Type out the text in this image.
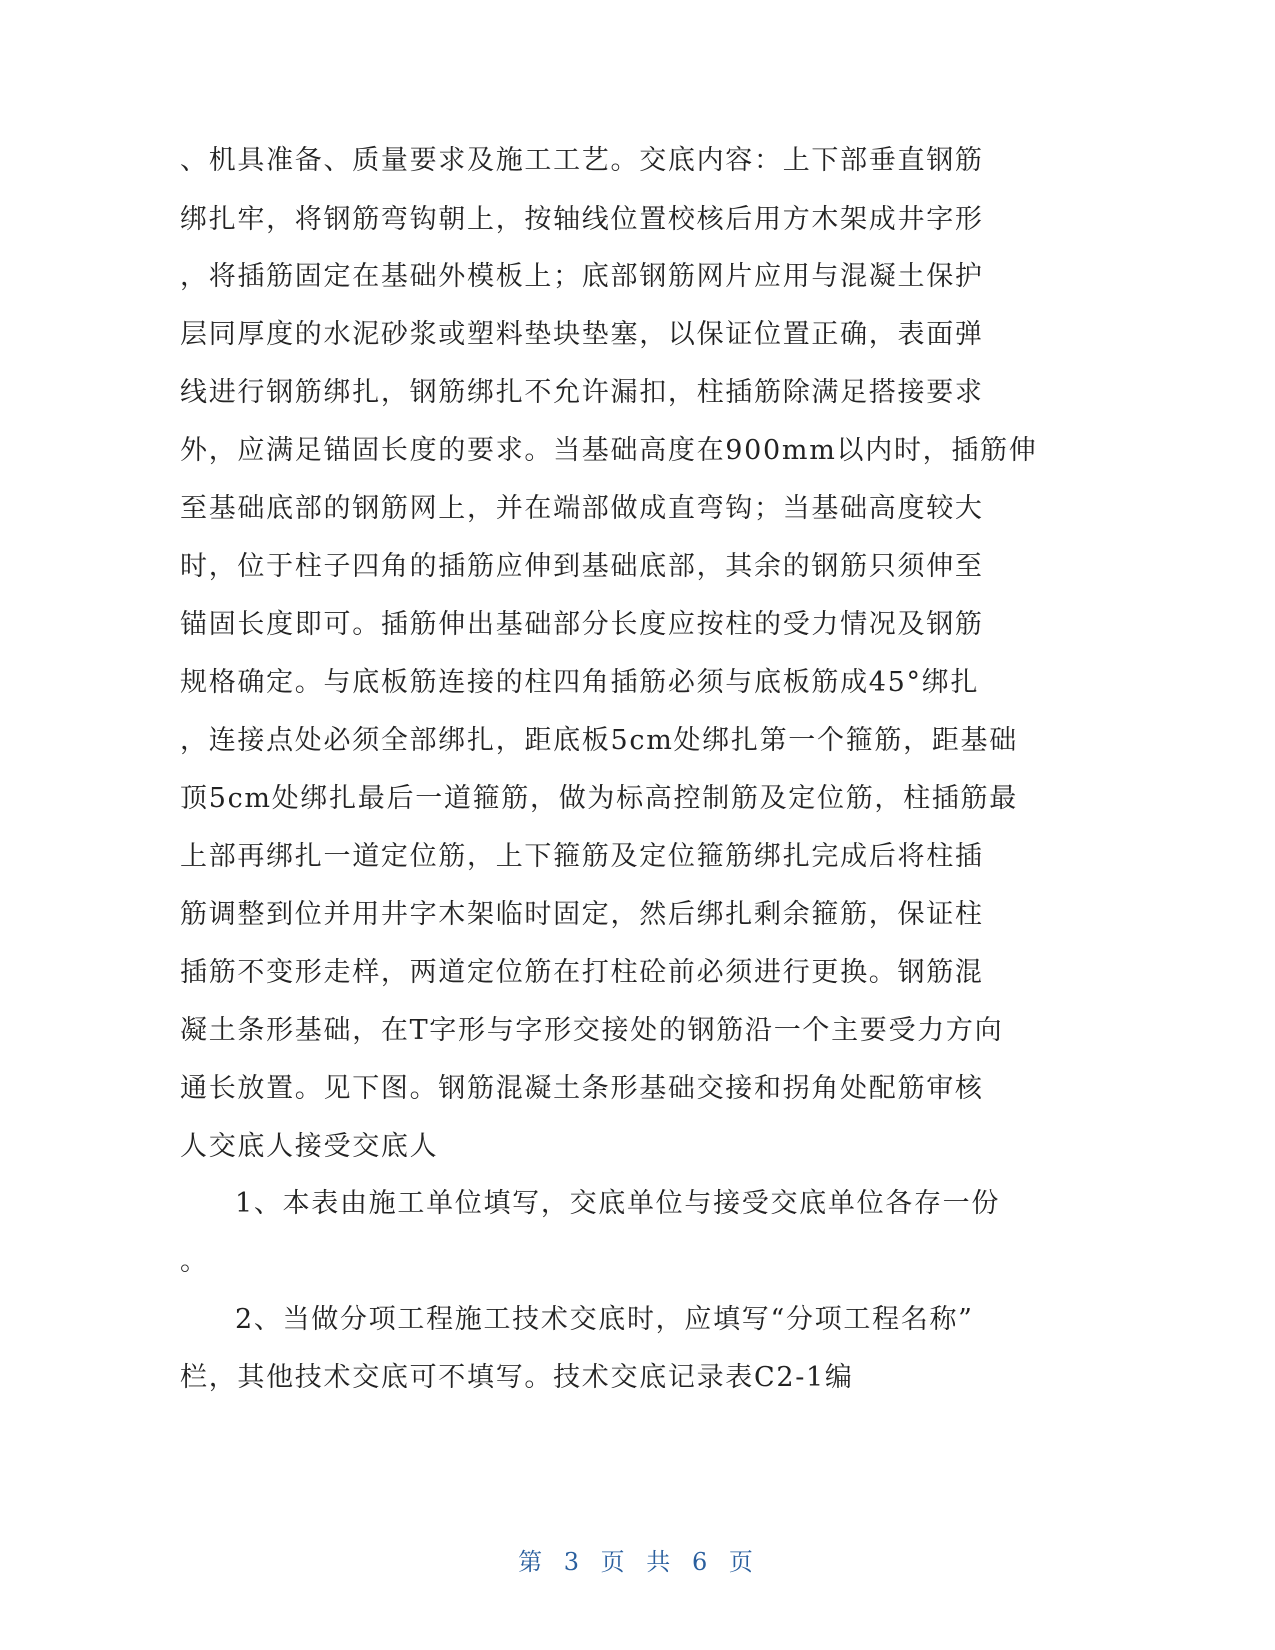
、机具准备、质量要求及施工工艺。交底内容：上下部垂直钢筋
绑扎牢，将钢筋弯钩朝上，按轴线位置校核后用方木架成井字形
，将插筋固定在基础外模板上；底部钢筋网片应用与混凝土保护
层同厚度的水泥砂浆或塑料垫块垫塞，以保证位置正确，表面弹
线进行钢筋绑扎，钢筋绑扎不允许漏扣，柱插筋除满足搭接要求
外，应满足锚固长度的要求。当基础高度在900mm以内时，插筋伸
至基础底部的钢筋网上，并在端部做成直弯钩；当基础高度较大
时，位于柱子四角的插筋应伸到基础底部，其余的钢筋只须伸至
锚固长度即可。插筋伸出基础部分长度应按柱的受力情况及钢筋
规格确定。与底板筋连接的柱四角插筋必须与底板筋成45°绑扎
，连接点处必须全部绑扎，距底板5cm处绑扎第一个箍筋，距基础
顶5cm处绑扎最后一道箍筋，做为标高控制筋及定位筋，柱插筋最
上部再绑扎一道定位筋，上下箍筋及定位箍筋绑扎完成后将柱插
筋调整到位并用井字木架临时固定，然后绑扎剩余箍筋，保证柱
插筋不变形走样，两道定位筋在打柱砼前必须进行更换。钢筋混
凝土条形基础，在T字形与字形交接处的钢筋沿一个主要受力方向
通长放置。见下图。钢筋混凝土条形基础交接和拐角处配筋审核
人交底人接受交底人
1、本表由施工单位填写，交底单位与接受交底单位各存一份
。
2、当做分项工程施工技术交底时，应填写“分项工程名称”
栏，其他技术交底可不填写。技术交底记录表C2-1编
第 3 页 共 6 页
